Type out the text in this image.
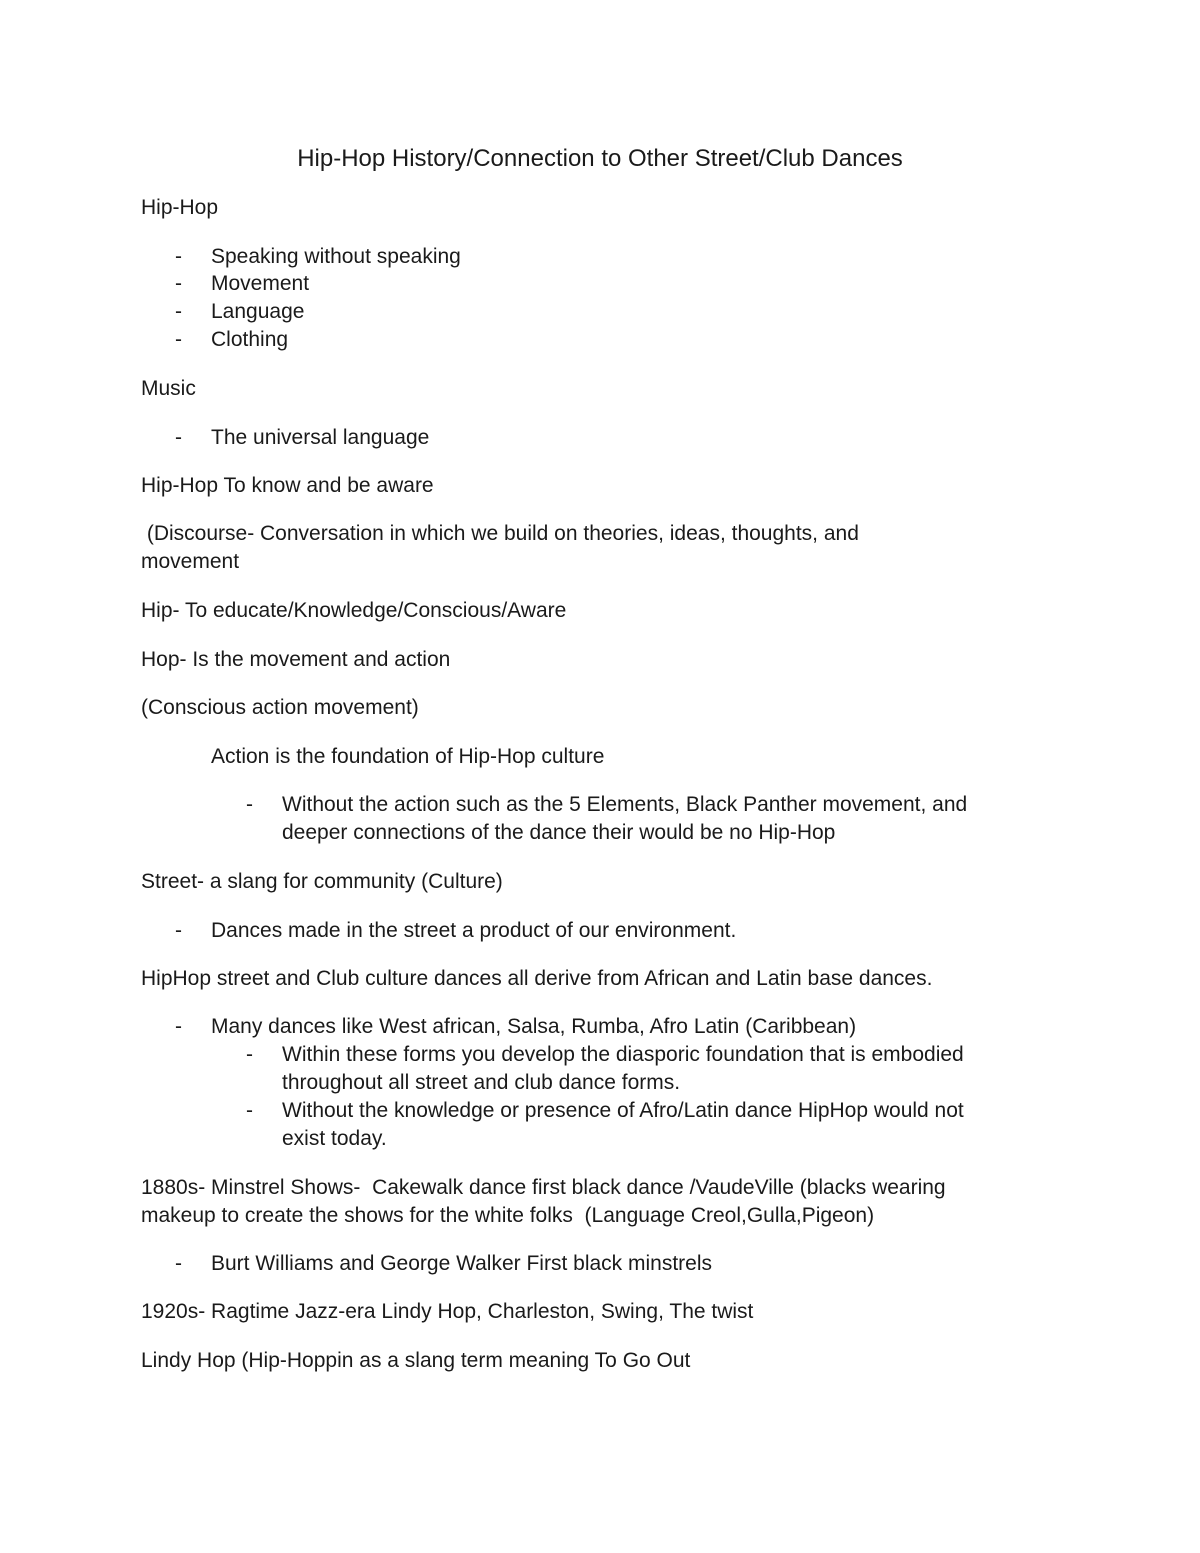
Hip-Hop History/Connection to Other Street/Club Dances
Hip-Hop
- Speaking without speaking
- Movement
- Language
- Clothing
Music
- The universal language
Hip-Hop To know and be aware
(Discourse- Conversation in which we build on theories, ideas, thoughts, and
movement
Hip- To educate/Knowledge/Conscious/Aware
Hop- Is the movement and action
(Conscious action movement)
Action is the foundation of Hip-Hop culture
- Without the action such as the 5 Elements, Black Panther movement, and
deeper connections of the dance their would be no Hip-Hop
Street- a slang for community (Culture)
- Dances made in the street a product of our environment.
HipHop street and Club culture dances all derive from African and Latin base dances.
- Many dances like West african, Salsa, Rumba, Afro Latin (Caribbean)
- Within these forms you develop the diasporic foundation that is embodied
throughout all street and club dance forms.
- Without the knowledge or presence of Afro/Latin dance HipHop would not
exist today.
1880s- Minstrel Shows-  Cakewalk dance first black dance /VaudeVille (blacks wearing
makeup to create the shows for the white folks  (Language Creol,Gulla,Pigeon)
- Burt Williams and George Walker First black minstrels
1920s- Ragtime Jazz-era Lindy Hop, Charleston, Swing, The twist
Lindy Hop (Hip-Hoppin as a slang term meaning To Go Out
